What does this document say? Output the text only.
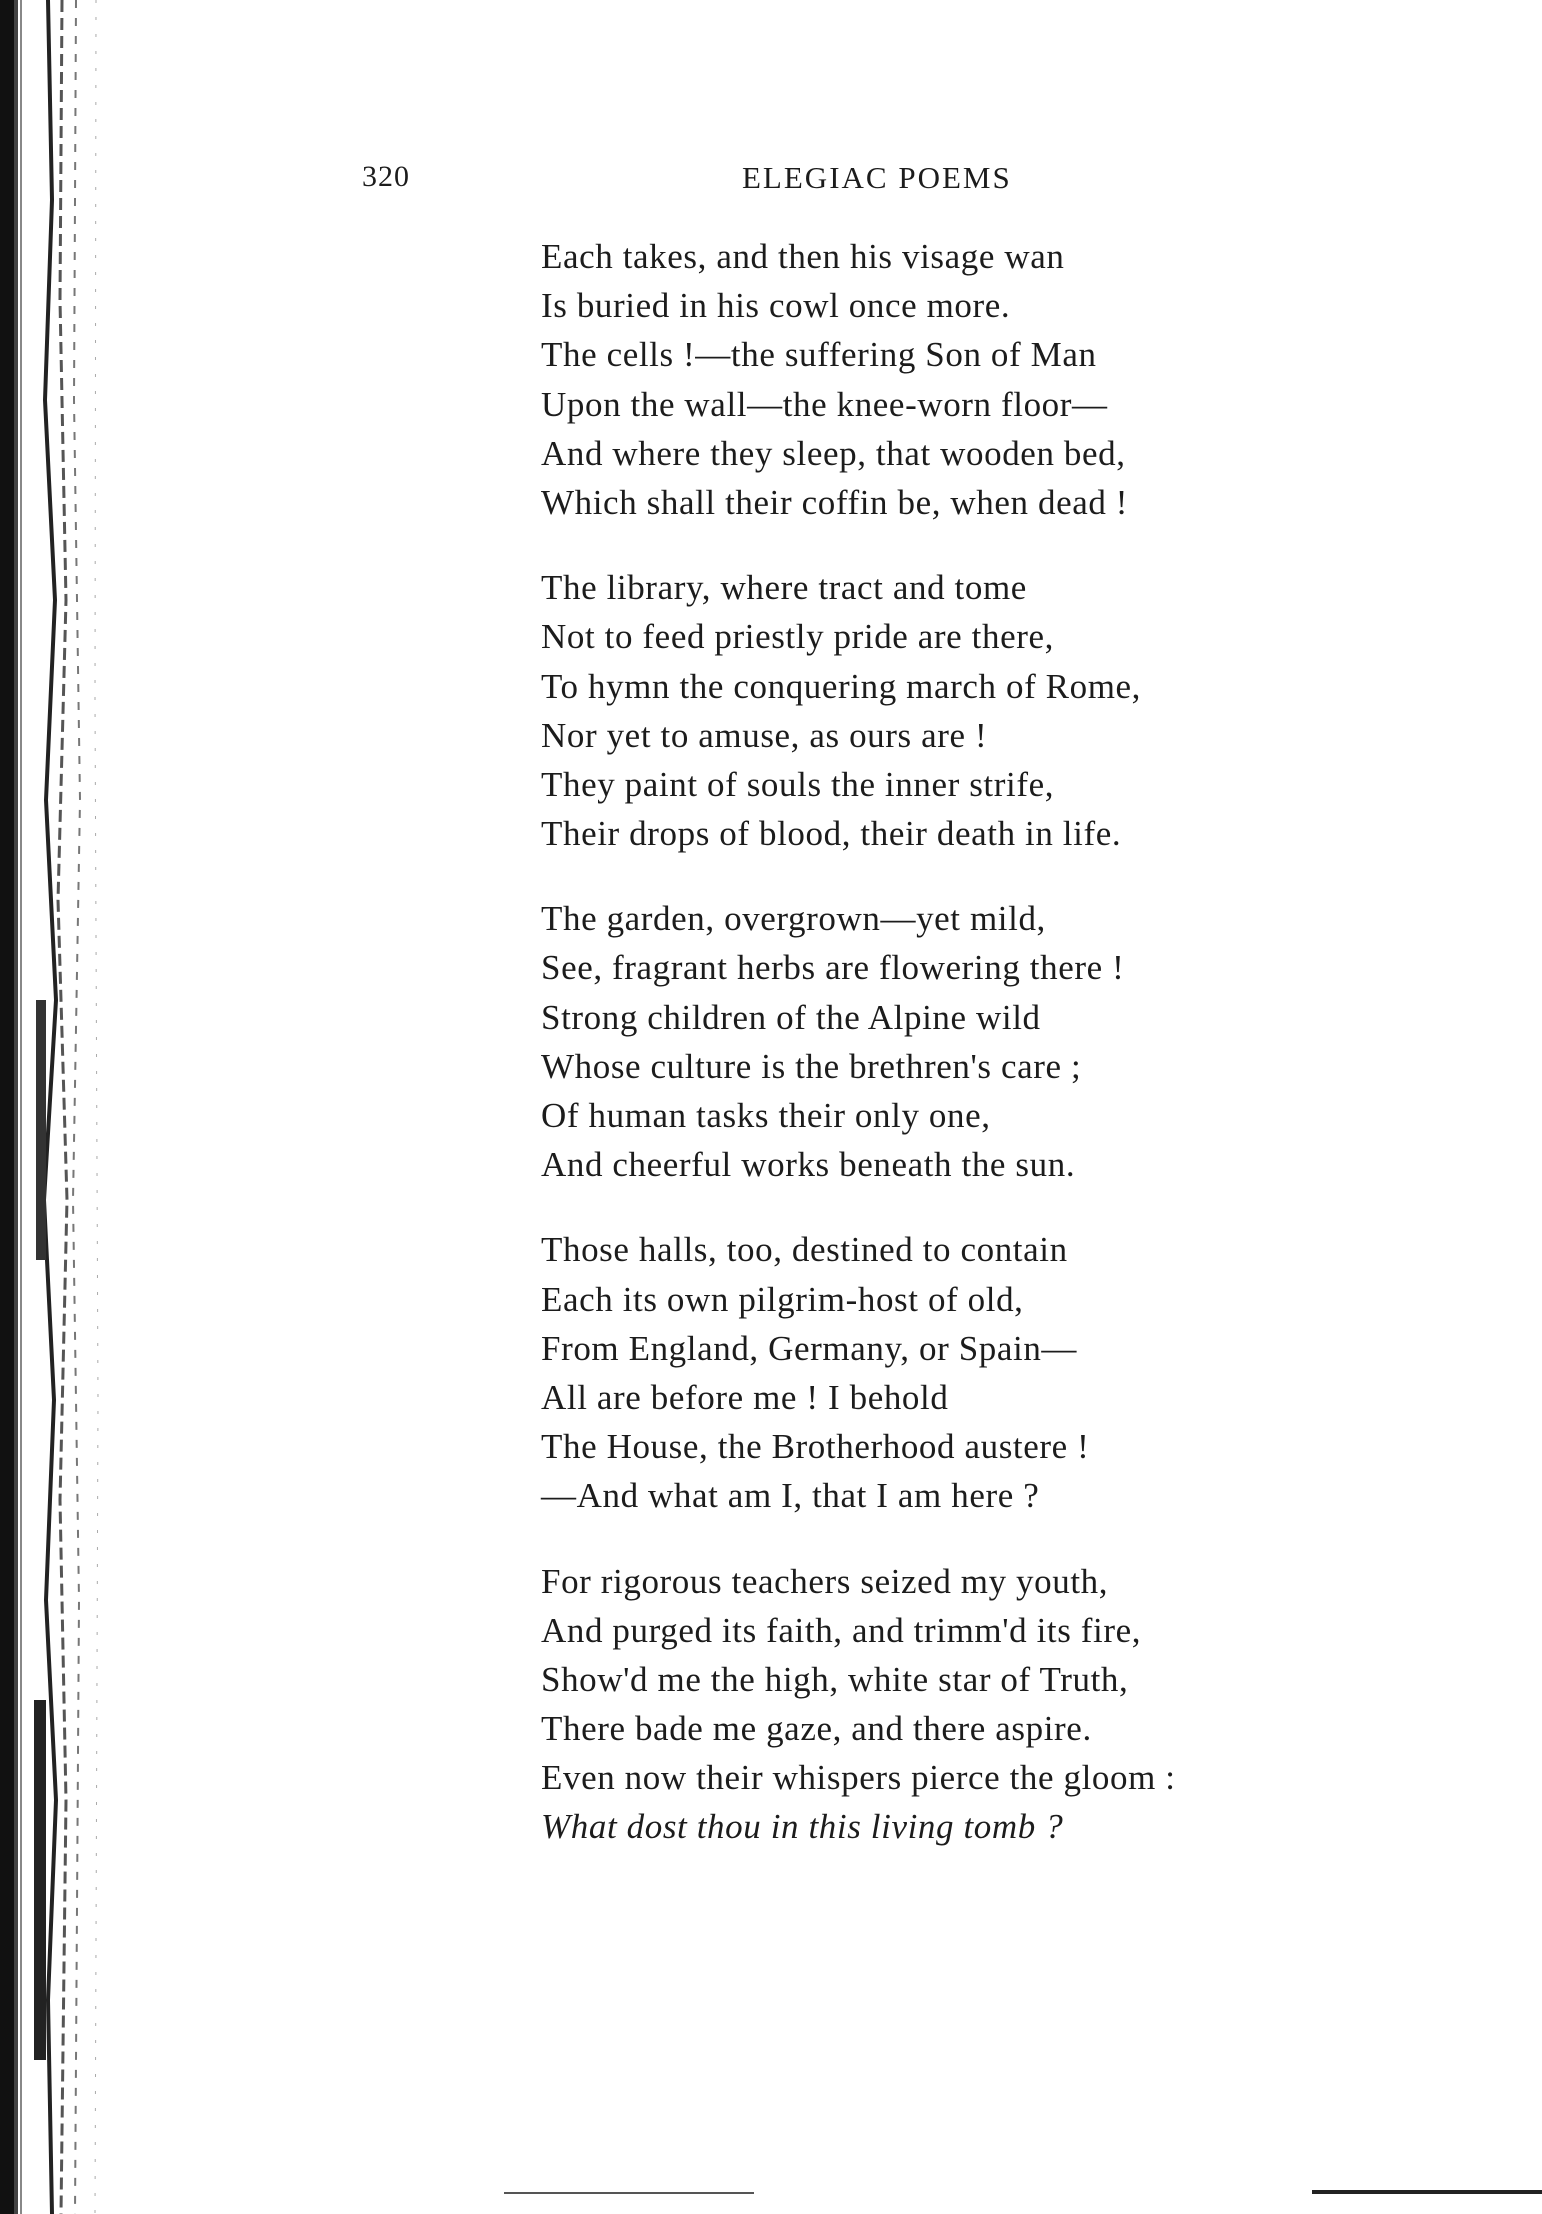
320	ELEGIAC POEMS
Each takes, and then his visage wan
Is buried in his cowl once more.
The cells !—the suffering Son of Man
Upon the wall—the knee-worn floor—
And where they sleep, that wooden bed,
Which shall their coffin be, when dead !
The library, where tract and tome
Not to feed priestly pride are there,
To hymn the conquering march of Rome,
Nor yet to amuse, as ours are !
They paint of souls the inner strife,
Their drops of blood, their death in life.
The garden, overgrown—yet mild,
See, fragrant herbs are flowering there !
Strong children of the Alpine wild
Whose culture is the brethren's care ;
Of human tasks their only one,
And cheerful works beneath the sun.
Those halls, too, destined to contain
Each its own pilgrim-host of old,
From England, Germany, or Spain—
All are before me ! I behold
The House, the Brotherhood austere !
—And what am I, that I am here ?
For rigorous teachers seized my youth,
And purged its faith, and trimm'd its fire,
Show'd me the high, white star of Truth,
There bade me gaze, and there aspire.
Even now their whispers pierce the gloom :
What dost thou in this living tomb ?
